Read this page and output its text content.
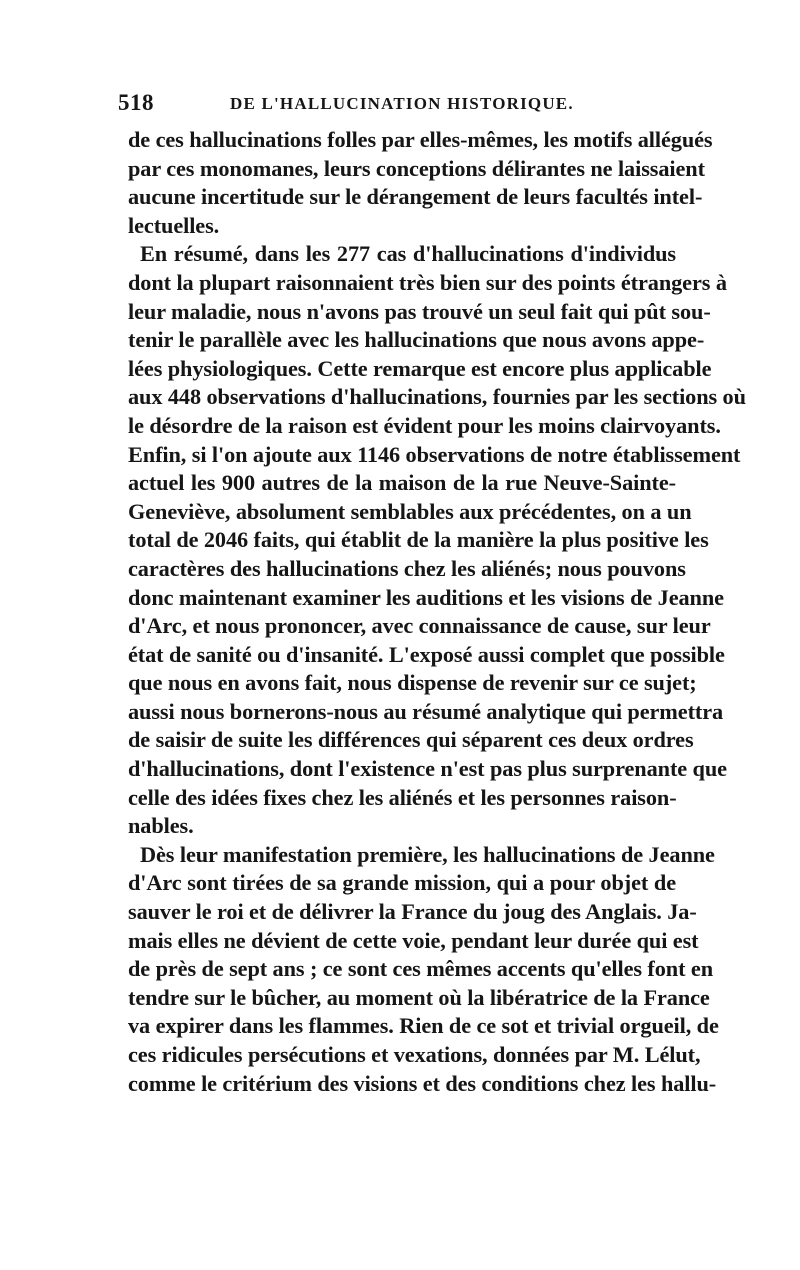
518	DE L'HALLUCINATION HISTORIQUE.
de ces hallucinations folles par elles-mêmes, les motifs allégués
par ces monomanes, leurs conceptions délirantes ne laissaient
aucune incertitude sur le dérangement de leurs facultés intel-
lectuelles.
En résumé, dans les 277 cas d'hallucinations d'individus
dont la plupart raisonnaient très bien sur des points étrangers à
leur maladie, nous n'avons pas trouvé un seul fait qui pût sou-
tenir le parallèle avec les hallucinations que nous avons appe-
lées physiologiques. Cette remarque est encore plus applicable
aux 448 observations d'hallucinations, fournies par les sections où
le désordre de la raison est évident pour les moins clairvoyants.
Enfin, si l'on ajoute aux 1146 observations de notre établissement
actuel les 900 autres de la maison de la rue Neuve-Sainte-
Geneviève, absolument semblables aux précédentes, on a un
total de 2046 faits, qui établit de la manière la plus positive les
caractères des hallucinations chez les aliénés; nous pouvons
donc maintenant examiner les auditions et les visions de Jeanne
d'Arc, et nous prononcer, avec connaissance de cause, sur leur
état de sanité ou d'insanité. L'exposé aussi complet que possible
que nous en avons fait, nous dispense de revenir sur ce sujet;
aussi nous bornerons-nous au résumé analytique qui permettra
de saisir de suite les différences qui séparent ces deux ordres
d'hallucinations, dont l'existence n'est pas plus surprenante que
celle des idées fixes chez les aliénés et les personnes raison-
nables.
Dès leur manifestation première, les hallucinations de Jeanne
d'Arc sont tirées de sa grande mission, qui a pour objet de
sauver le roi et de délivrer la France du joug des Anglais. Ja-
mais elles ne dévient de cette voie, pendant leur durée qui est
de près de sept ans ; ce sont ces mêmes accents qu'elles font en
tendre sur le bûcher, au moment où la libératrice de la France
va expirer dans les flammes. Rien de ce sot et trivial orgueil, de
ces ridicules persécutions et vexations, données par M. Lélut,
comme le critérium des visions et des conditions chez les hallu-
